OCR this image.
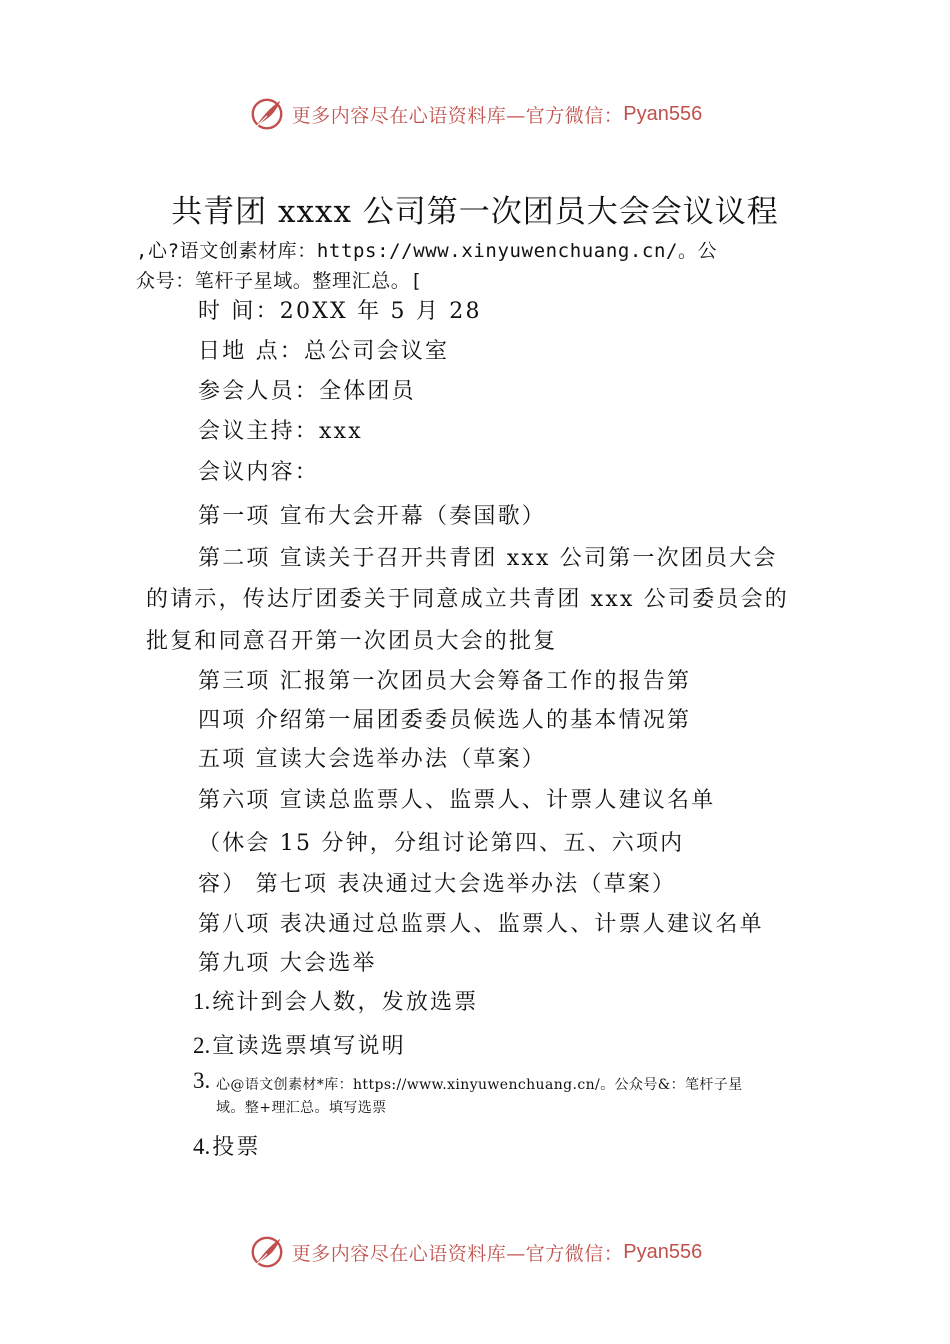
更多内容尽在心语资料库—官方微信： Pyan556
共青团 xxxx 公司第一次团员大会会议议程
,心?语文创素材库：https://www.xinyuwenchuang.cn/。公
众号：笔杆子星域。整理汇总。[
时 间：20XX 年 5 月 28
日地 点：总公司会议室
参会人员：全体团员
会议主持：xxx
会议内容：
第一项 宣布大会开幕（奏国歌）
第二项 宣读关于召开共青团 xxx 公司第一次团员大会
的请示，传达厅团委关于同意成立共青团 xxx 公司委员会的
批复和同意召开第一次团员大会的批复
第三项 汇报第一次团员大会筹备工作的报告第
四项 介绍第一届团委委员候选人的基本情况第
五项 宣读大会选举办法（草案）
第六项 宣读总监票人、监票人、计票人建议名单
（休会 15 分钟，分组讨论第四、五、六项内
容） 第七项 表决通过大会选举办法（草案）
第八项 表决通过总监票人、监票人、计票人建议名单
第九项 大会选举
1.统计到会人数，发放选票
2.宣读选票填写说明
3. 心@语文创素材*库：https://www.xinyuwenchuang.cn/。公众号&：笔杆子星
域。整+理汇总。填写选票
4.投票
更多内容尽在心语资料库—官方微信： Pyan556
